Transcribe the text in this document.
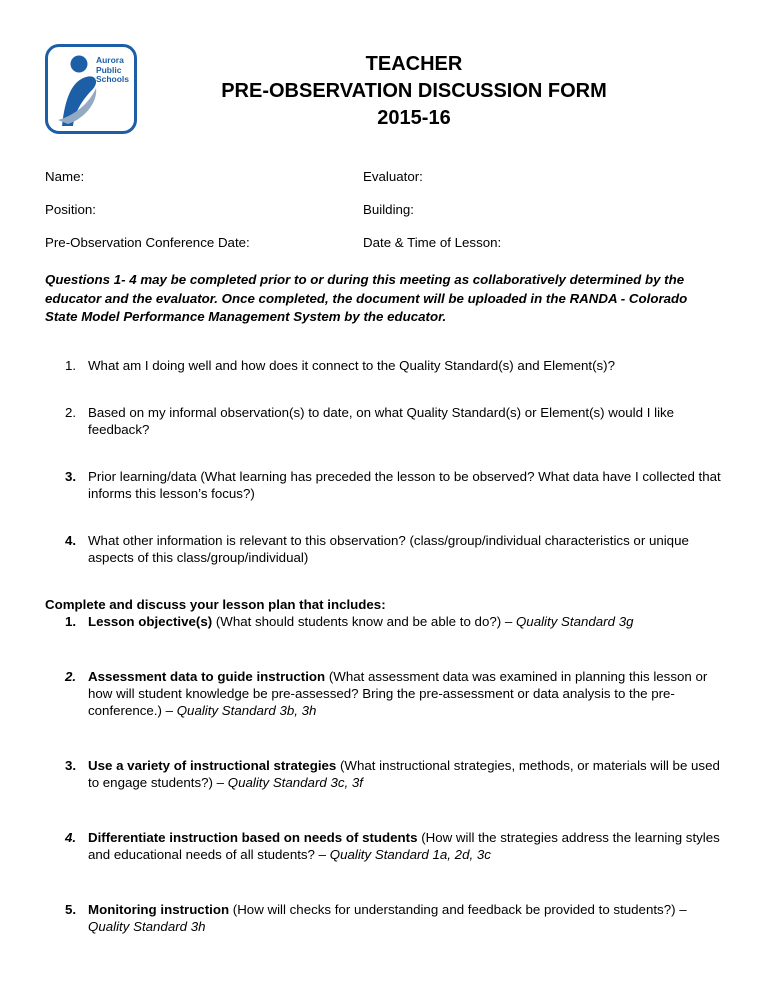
Aurora
Public
Schools
TEACHER
PRE-OBSERVATION DISCUSSION FORM
2015-16
Name:	Evaluator:
Position:	Building:
Pre-Observation Conference Date:	Date & Time of Lesson:
Questions 1- 4 may be completed prior to or during this meeting as collaboratively determined by the educator and the evaluator. Once completed, the document will be uploaded in the RANDA - Colorado State Model Performance Management System by the educator.
1. What am I doing well and how does it connect to the Quality Standard(s) and Element(s)?
2. Based on my informal observation(s) to date, on what Quality Standard(s) or Element(s) would I like feedback?
3. Prior learning/data (What learning has preceded the lesson to be observed? What data have I collected that informs this lesson’s focus?)
4. What other information is relevant to this observation? (class/group/individual characteristics or unique aspects of this class/group/individual)
Complete and discuss your lesson plan that includes:
1. Lesson objective(s) (What should students know and be able to do?) – Quality Standard 3g
2. Assessment data to guide instruction (What assessment data was examined in planning this lesson or how will student knowledge be pre-assessed? Bring the pre-assessment or data analysis to the pre-conference.) – Quality Standard 3b, 3h
3. Use a variety of instructional strategies (What instructional strategies, methods, or materials will be used to engage students?) – Quality Standard 3c, 3f
4. Differentiate instruction based on needs of students (How will the strategies address the learning styles and educational needs of all students? – Quality Standard 1a, 2d, 3c
5. Monitoring instruction (How will checks for understanding and feedback be provided to students?) – Quality Standard 3h
